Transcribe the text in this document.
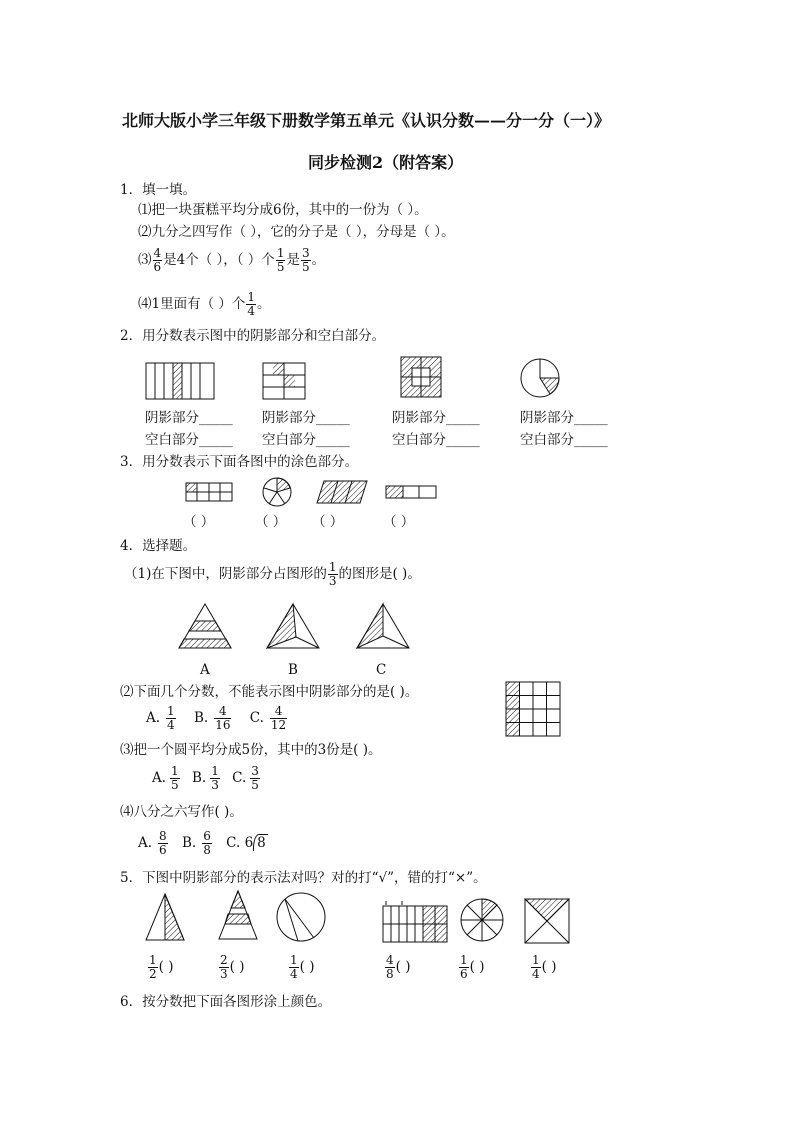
北师大版小学三年级下册数学第五单元《认识分数——分一分（一）》
同步检测2（附答案）
1．填一填。
⑴把一块蛋糕平均分成6份，其中的一份为（ ）。
⑵九分之四写作（ ），它的分子是（ ），分母是（ ）。
⑶ $\frac{4}{6}$ 是4个（ ），（ ）个 $\frac{1}{5}$ 是 $\frac{3}{5}$ 。
⑷1里面有（ ）个 $\frac{1}{4}$ 。
2．用分数表示图中的阴影部分和空白部分。
阴影部分_____ 阴影部分_____	阴影部分_____	阴影部分_____
空白部分_____ 空白部分_____	空白部分_____	空白部分_____
3．用分数表示下面各图中的涂色部分。
（ ）	（ ） （ ）	（ ）
4．选择题。
（1)在下图中，阴影部分占图形的 $\frac{1}{3}$ 的图形是( )。
A	B	C
⑵下面几个分数，不能表示图中阴影部分的是( )。
A. $\frac{1}{4} B$. $\frac{4}{16} C$. $\frac{4}{12}$
⑶把一个圆平均分成5份，其中的3份是( )。
A. $\frac{1}{5} B$. $\frac{1}{3} C$. $\frac{3}{5}$
⑷八分之六写作( )。
A. $\frac{8}{6} B$. $\frac{6}{8} C$. 6 8
5．下图中阴影部分的表示法对吗？对的打“√”，错的打“×”。
$\frac{1}{2}$ ( )	$\frac{2}{3}$ ( )	$\frac{1}{4}$ ( )	$\frac{4}{8}$ ( )	$\frac{1}{6}$ ( )	$\frac{1}{4}$ ( )
6．按分数把下面各图形涂上颜色。
